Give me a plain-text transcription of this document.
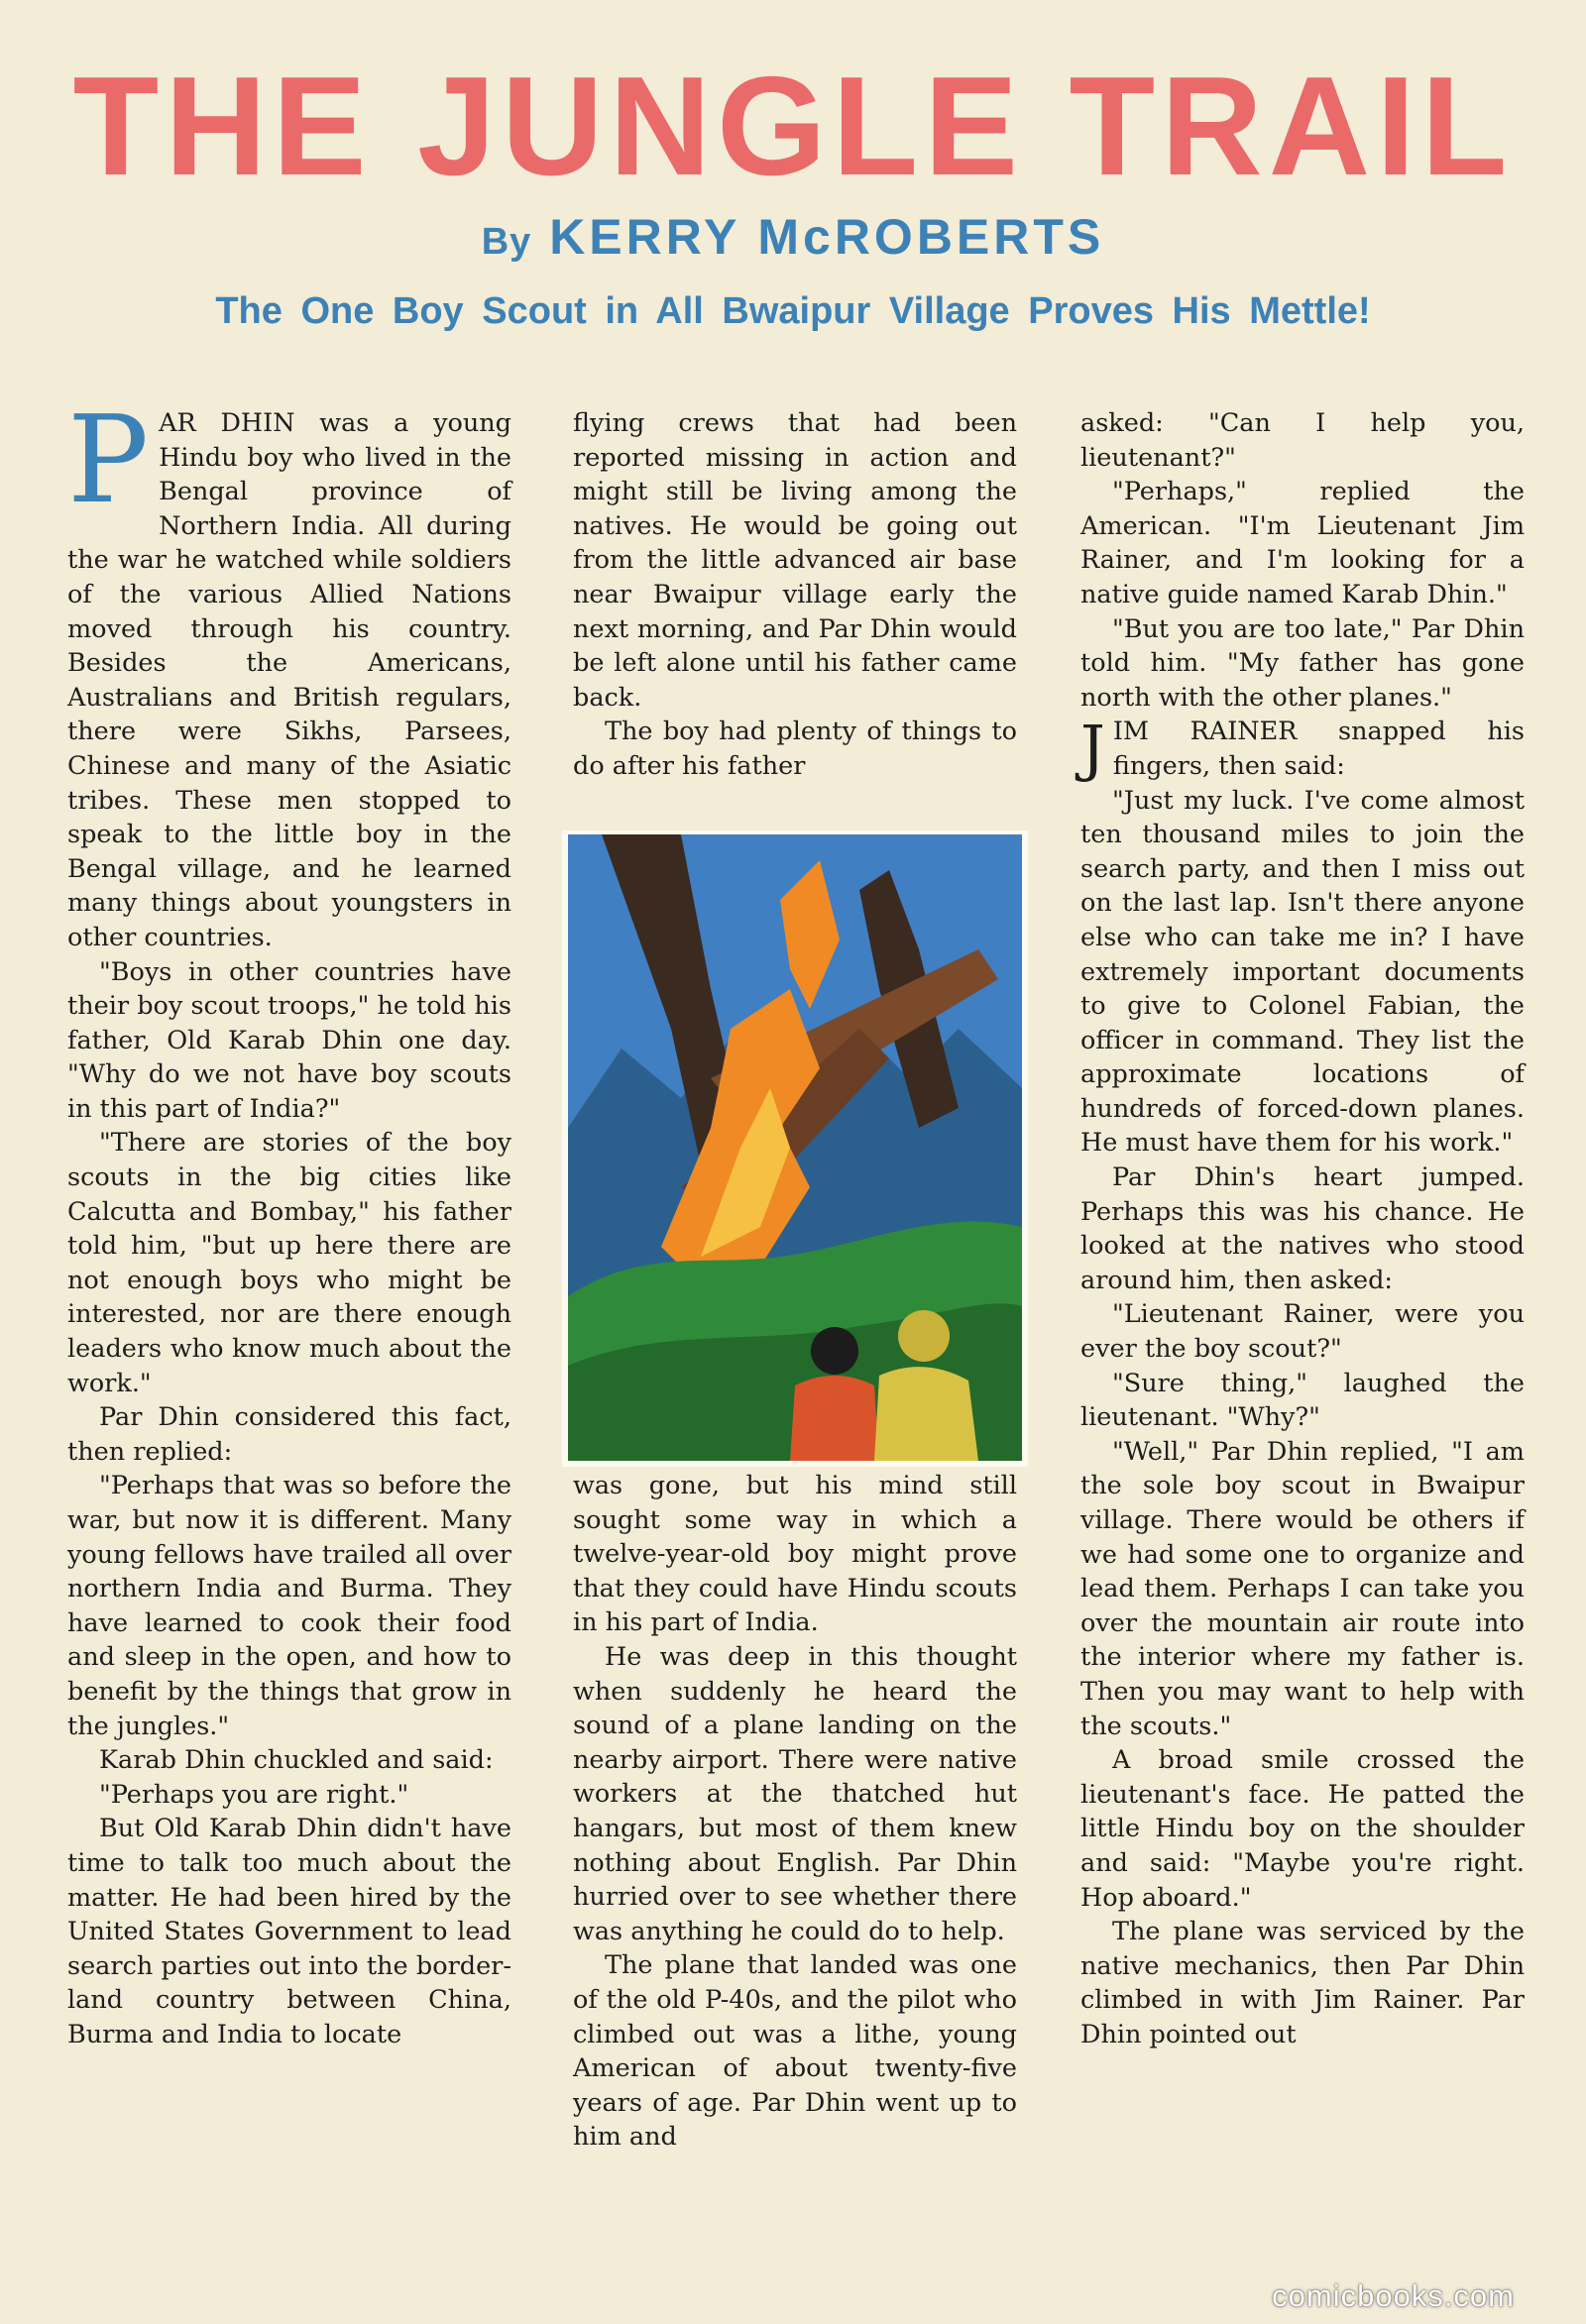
THE JUNGLE TRAIL
By KERRY McROBERTS
The One Boy Scout in All Bwaipur Village Proves His Mettle!

PAR DHIN was a young Hindu boy who lived in the Bengal province of Northern India. All during the war he watched while soldiers of the various Allied Nations moved through his country. Besides the Americans, Australians and British regulars, there were Sikhs, Parsees, Chinese and many of the Asiatic tribes. These men stopped to speak to the little boy in the Bengal village, and he learned many things about youngsters in other countries.

"Boys in other countries have their boy scout troops," he told his father, Old Karab Dhin one day. "Why do we not have boy scouts in this part of India?"

"There are stories of the boy scouts in the big cities like Calcutta and Bombay," his father told him, "but up here there are not enough boys who might be interested, nor are there enough leaders who know much about the work."

Par Dhin considered this fact, then replied:

"Perhaps that was so before the war, but now it is different. Many young fellows have trailed all over northern India and Burma. They have learned to cook their food and sleep in the open, and how to benefit by the things that grow in the jungles."

Karab Dhin chuckled and said:

"Perhaps you are right."

But Old Karab Dhin didn't have time to talk too much about the matter. He had been hired by the United States Government to lead search parties out into the border-land country between China, Burma and India to locate

flying crews that had been reported missing in action and might still be living among the natives. He would be going out from the little advanced air base near Bwaipur village early the next morning, and Par Dhin would be left alone until his father came back.

The boy had plenty of things to do after his father

was gone, but his mind still sought some way in which a twelve-year-old boy might prove that they could have Hindu scouts in his part of India.

He was deep in this thought when suddenly he heard the sound of a plane landing on the nearby airport. There were native workers at the thatched hut hangars, but most of them knew nothing about English. Par Dhin hurried over to see whether there was anything he could do to help.

The plane that landed was one of the old P-40s, and the pilot who climbed out was a lithe, young American of about twenty-five years of age. Par Dhin went up to him and

asked: "Can I help you, lieutenant?"

"Perhaps," replied the American. "I'm Lieutenant Jim Rainer, and I'm looking for a native guide named Karab Dhin."

"But you are too late," Par Dhin told him. "My father has gone north with the other planes."

JIM RAINER snapped his fingers, then said:

"Just my luck. I've come almost ten thousand miles to join the search party, and then I miss out on the last lap. Isn't there anyone else who can take me in? I have extremely important documents to give to Colonel Fabian, the officer in command. They list the approximate locations of hundreds of forced-down planes. He must have them for his work."

Par Dhin's heart jumped. Perhaps this was his chance. He looked at the natives who stood around him, then asked:

"Lieutenant Rainer, were you ever the boy scout?"

"Sure thing," laughed the lieutenant. "Why?"

"Well," Par Dhin replied, "I am the sole boy scout in Bwaipur village. There would be others if we had some one to organize and lead them. Perhaps I can take you over the mountain air route into the interior where my father is. Then you may want to help with the scouts."

A broad smile crossed the lieutenant's face. He patted the little Hindu boy on the shoulder and said: "Maybe you're right. Hop aboard."

The plane was serviced by the native mechanics, then Par Dhin climbed in with Jim Rainer. Par Dhin pointed out

comicbooks.com
